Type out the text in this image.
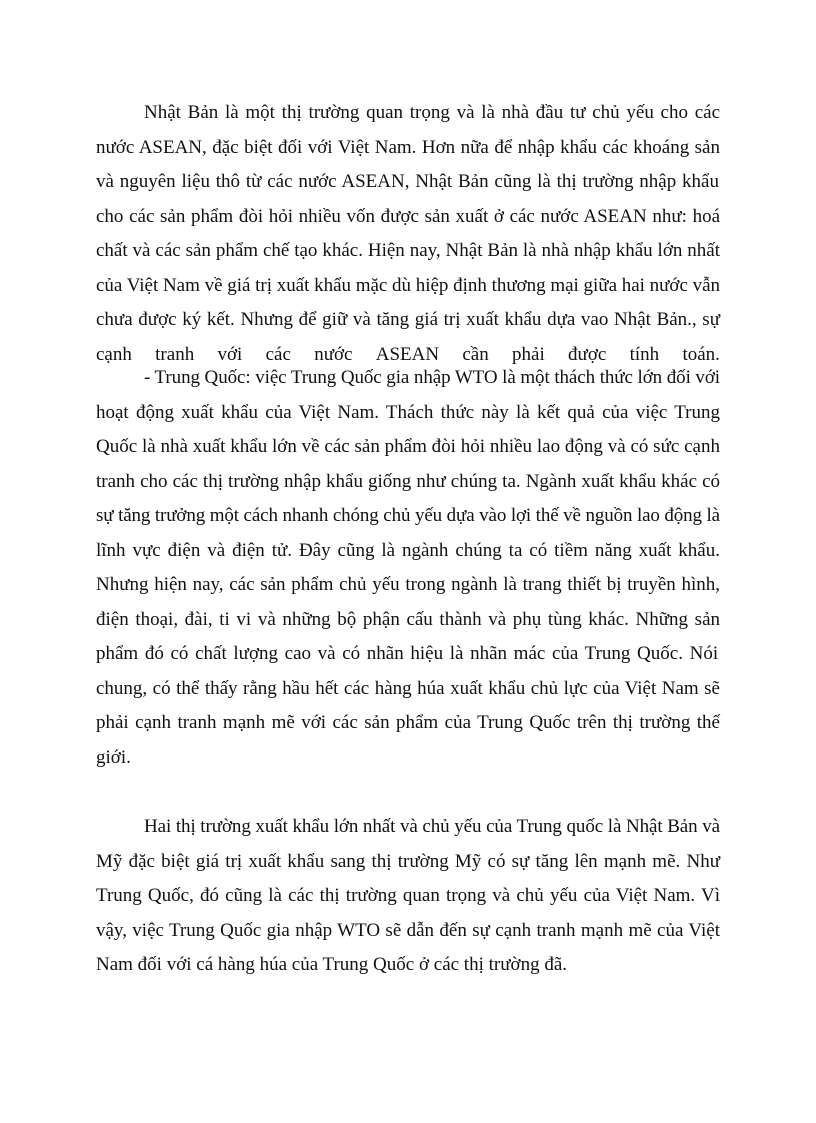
Nhật Bản là một thị trường quan trọng và là nhà đầu tư chủ yếu cho các
nước ASEAN, đặc biệt đối với Việt Nam. Hơn nữa để nhập khẩu các khoáng sản
và nguyên liệu thô từ các nước ASEAN, Nhật Bản cũng là thị trường nhập khẩu
cho các sản phẩm đòi hỏi nhiều vốn được sản xuất ở các nước ASEAN như: hoá
chất và các sản phẩm chế tạo khác. Hiện nay, Nhật Bản là nhà nhập khẩu lớn nhất
của Việt Nam về giá trị xuất khẩu mặc dù hiệp định thương mại giữa hai nước vẫn
chưa được ký kết. Nhưng để giữ và tăng giá trị xuất khẩu dựa vao Nhật Bản., sự
cạnh tranh với các nước ASEAN cần phải được tính toán.
- Trung Quốc: việc Trung Quốc gia nhập WTO là một thách thức lớn đối với
hoạt động xuất khẩu của Việt Nam. Thách thức này là kết quả của việc Trung
Quốc là nhà xuất khẩu lớn về các sản phẩm đòi hỏi nhiều lao động và có sức cạnh
tranh cho các thị trường nhập khẩu giống như chúng ta. Ngành xuất khẩu khác có
sự tăng trưởng một cách nhanh chóng chủ yếu dựa vào lợi thế về nguồn lao động là
lĩnh vực điện và điện tử. Đây cũng là ngành chúng ta có tiềm năng xuất khẩu.
Nhưng hiện nay, các sản phẩm chủ yếu trong ngành là trang thiết bị truyền hình,
điện thoại, đài, ti vi và những bộ phận cấu thành và phụ tùng khác. Những sản
phẩm đó có chất lượng cao và có nhãn hiệu là nhãn mác của Trung Quốc. Nói
chung, có thể thấy rằng hầu hết các hàng húa xuất khẩu chủ lực của Việt Nam sẽ
phải cạnh tranh mạnh mẽ với các sản phẩm của Trung Quốc trên thị trường thế
giới.
Hai thị trường xuất khẩu lớn nhất và chủ yếu của Trung quốc là Nhật Bản và
Mỹ đặc biệt giá trị xuất khẩu sang thị trường Mỹ có sự tăng lên mạnh mẽ. Như
Trung Quốc, đó cũng là các thị trường quan trọng và chủ yếu của Việt Nam. Vì
vậy, việc Trung Quốc gia nhập WTO sẽ dẫn đến sự cạnh tranh mạnh mẽ của Việt
Nam đối với cá hàng húa của Trung Quốc ở các thị trường đã.
